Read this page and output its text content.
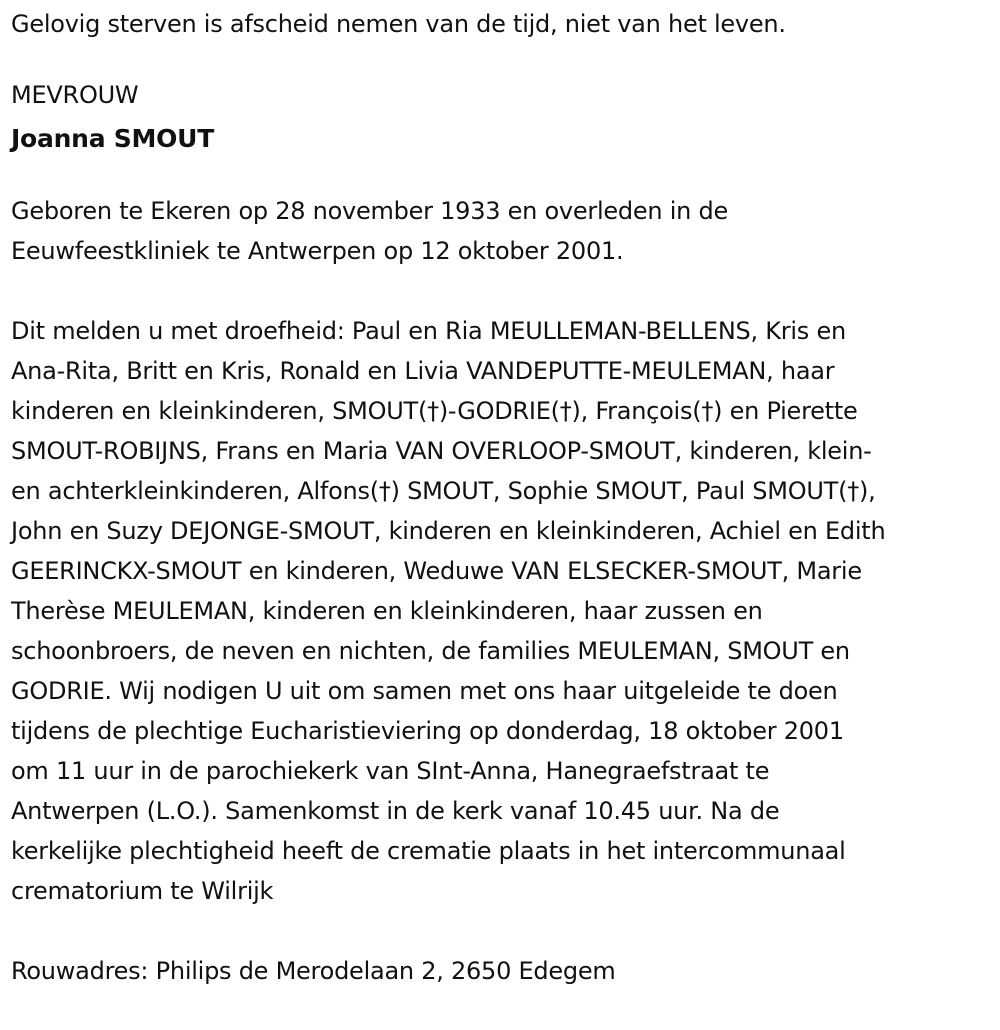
Gelovig sterven is afscheid nemen van de tijd, niet van het leven.
MEVROUW
Joanna SMOUT
Geboren te Ekeren op 28 november 1933 en overleden in de
Eeuwfeestkliniek te Antwerpen op 12 oktober 2001.
Dit melden u met droefheid: Paul en Ria MEULLEMAN-BELLENS, Kris en
Ana-Rita, Britt en Kris, Ronald en Livia VANDEPUTTE-MEULEMAN, haar
kinderen en kleinkinderen, SMOUT(†)-GODRIE(†), François(†) en Pierette
SMOUT-ROBIJNS, Frans en Maria VAN OVERLOOP-SMOUT, kinderen, klein-
en achterkleinkinderen, Alfons(†) SMOUT, Sophie SMOUT, Paul SMOUT(†),
John en Suzy DEJONGE-SMOUT, kinderen en kleinkinderen, Achiel en Edith
GEERINCKX-SMOUT en kinderen, Weduwe VAN ELSECKER-SMOUT, Marie
Therèse MEULEMAN, kinderen en kleinkinderen, haar zussen en
schoonbroers, de neven en nichten, de families MEULEMAN, SMOUT en
GODRIE. Wij nodigen U uit om samen met ons haar uitgeleide te doen
tijdens de plechtige Eucharistieviering op donderdag, 18 oktober 2001
om 11 uur in de parochiekerk van SInt-Anna, Hanegraefstraat te
Antwerpen (L.O.). Samenkomst in de kerk vanaf 10.45 uur. Na de
kerkelijke plechtigheid heeft de crematie plaats in het intercommunaal
crematorium te Wilrijk
Rouwadres: Philips de Merodelaan 2, 2650 Edegem
